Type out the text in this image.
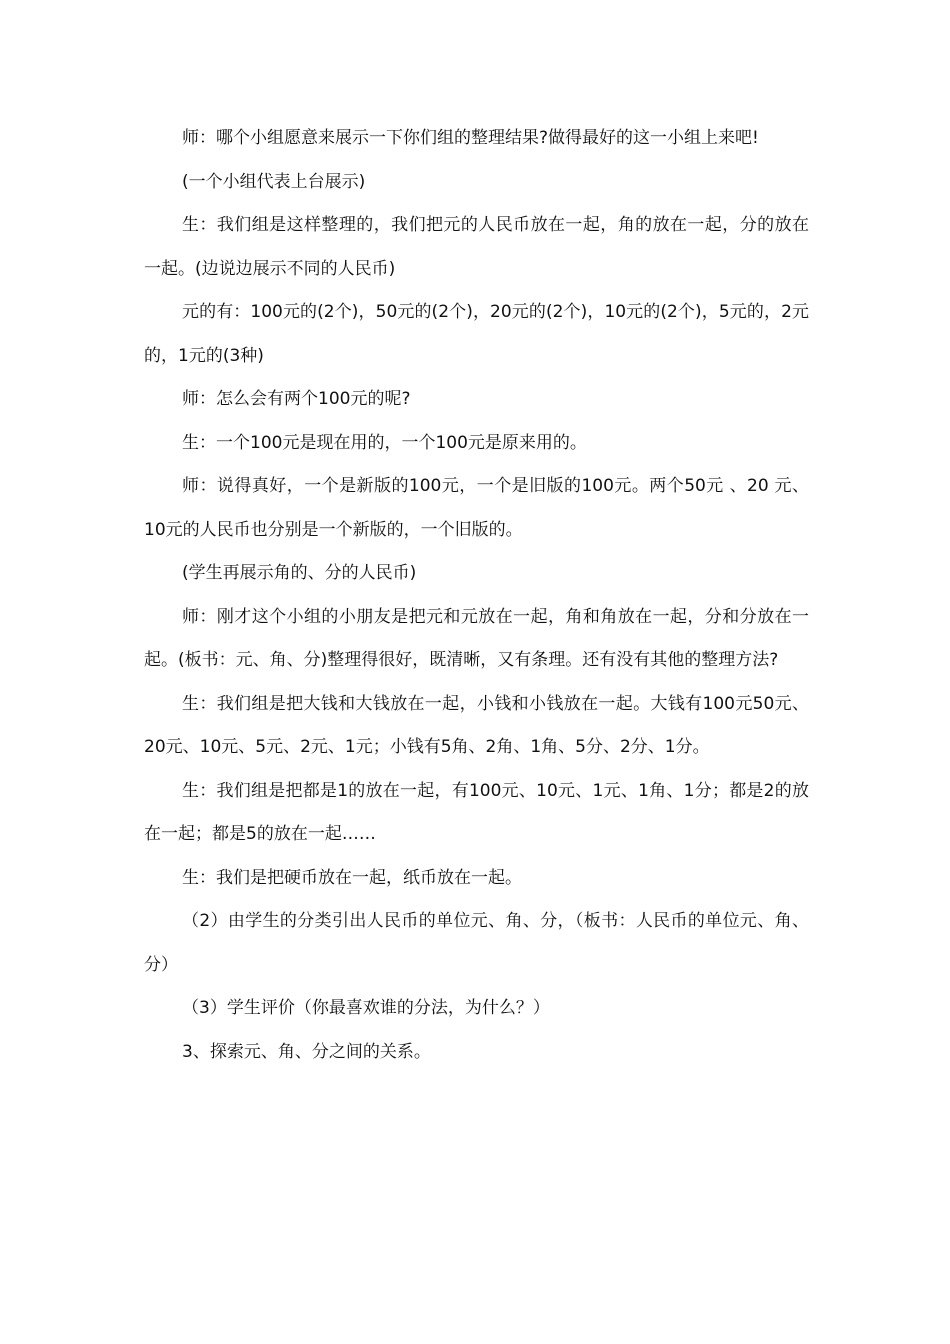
师：哪个小组愿意来展示一下你们组的整理结果?做得最好的这一小组上来吧!

(一个小组代表上台展示)

生：我们组是这样整理的，我们把元的人民币放在一起，角的放在一起，分的放在一起。(边说边展示不同的人民币)

元的有：100元的(2个)，50元的(2个)，20元的(2个)，10元的(2个)，5元的，2元的，1元的(3种)

师：怎么会有两个100元的呢?

生：一个100元是现在用的，一个100元是原来用的。

师：说得真好，一个是新版的100元，一个是旧版的100元。两个50元 、20 元、10元的人民币也分别是一个新版的，一个旧版的。

(学生再展示角的、分的人民币)

师：刚才这个小组的小朋友是把元和元放在一起，角和角放在一起，分和分放在一起。(板书：元、角、分)整理得很好，既清晰，又有条理。还有没有其他的整理方法?

生：我们组是把大钱和大钱放在一起，小钱和小钱放在一起。大钱有100元50元、20元、10元、5元、2元、1元；小钱有5角、2角、1角、5分、2分、1分。

生：我们组是把都是1的放在一起，有100元、10元、1元、1角、1分；都是2的放在一起；都是5的放在一起……

生：我们是把硬币放在一起，纸币放在一起。

（2）由学生的分类引出人民币的单位元、角、分，（板书：人民币的单位元、角、分）

（3）学生评价（你最喜欢谁的分法，为什么？）

3、探索元、角、分之间的关系。
